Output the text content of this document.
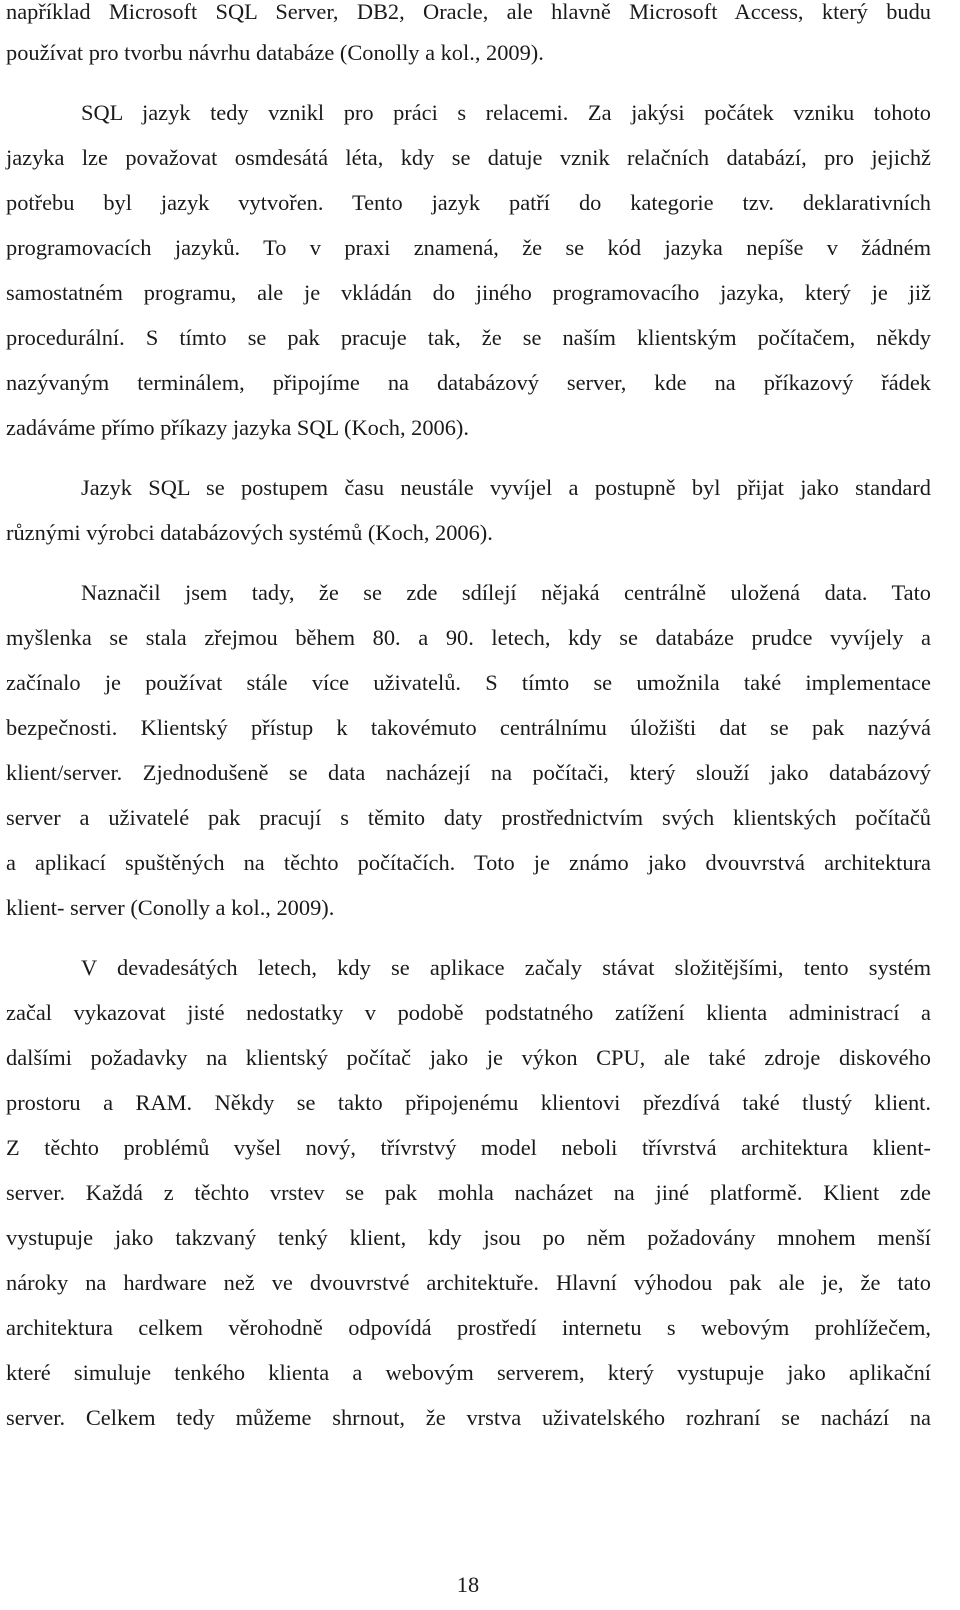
například Microsoft SQL Server, DB2, Oracle, ale hlavně Microsoft Access, který budu
používat pro tvorbu návrhu databáze (Conolly a kol., 2009).
SQL jazyk tedy vznikl pro práci s relacemi. Za jakýsi počátek vzniku tohoto
jazyka lze považovat osmdesátá léta, kdy se datuje vznik relačních databází, pro jejichž
potřebu byl jazyk vytvořen. Tento jazyk patří do kategorie tzv. deklarativních
programovacích jazyků. To v praxi znamená, že se kód jazyka nepíše v žádném
samostatném programu, ale je vkládán do jiného programovacího jazyka, který je již
procedurální. S tímto se pak pracuje tak, že se naším klientským počítačem, někdy
nazývaným terminálem, připojíme na databázový server, kde na příkazový řádek
zadáváme přímo příkazy jazyka SQL (Koch, 2006).
Jazyk SQL se postupem času neustále vyvíjel a postupně byl přijat jako standard
různými výrobci databázových systémů (Koch, 2006).
Naznačil jsem tady, že se zde sdílejí nějaká centrálně uložená data. Tato
myšlenka se stala zřejmou během 80. a 90. letech, kdy se databáze prudce vyvíjely a
začínalo je používat stále více uživatelů. S tímto se umožnila také implementace
bezpečnosti. Klientský přístup k takovémuto centrálnímu úložišti dat se pak nazývá
klient/server. Zjednodušeně se data nacházejí na počítači, který slouží jako databázový
server a uživatelé pak pracují s těmito daty prostřednictvím svých klientských počítačů
a aplikací spuštěných na těchto počítačích. Toto je známo jako dvouvrstvá architektura
klient- server (Conolly a kol., 2009).
V devadesátých letech, kdy se aplikace začaly stávat složitějšími, tento systém
začal vykazovat jisté nedostatky v podobě podstatného zatížení klienta administrací a
dalšími požadavky na klientský počítač jako je výkon CPU, ale také zdroje diskového
prostoru a RAM. Někdy se takto připojenému klientovi přezdívá také tlustý klient.
Z těchto problémů vyšel nový, třívrstvý model neboli třívrstvá architektura klient-
server. Každá z těchto vrstev se pak mohla nacházet na jiné platformě. Klient zde
vystupuje jako takzvaný tenký klient, kdy jsou po něm požadovány mnohem menší
nároky na hardware než ve dvouvrstvé architektuře. Hlavní výhodou pak ale je, že tato
architektura celkem věrohodně odpovídá prostředí internetu s webovým prohlížečem,
které simuluje tenkého klienta a webovým serverem, který vystupuje jako aplikační
server. Celkem tedy můžeme shrnout, že vrstva uživatelského rozhraní se nachází na
18
